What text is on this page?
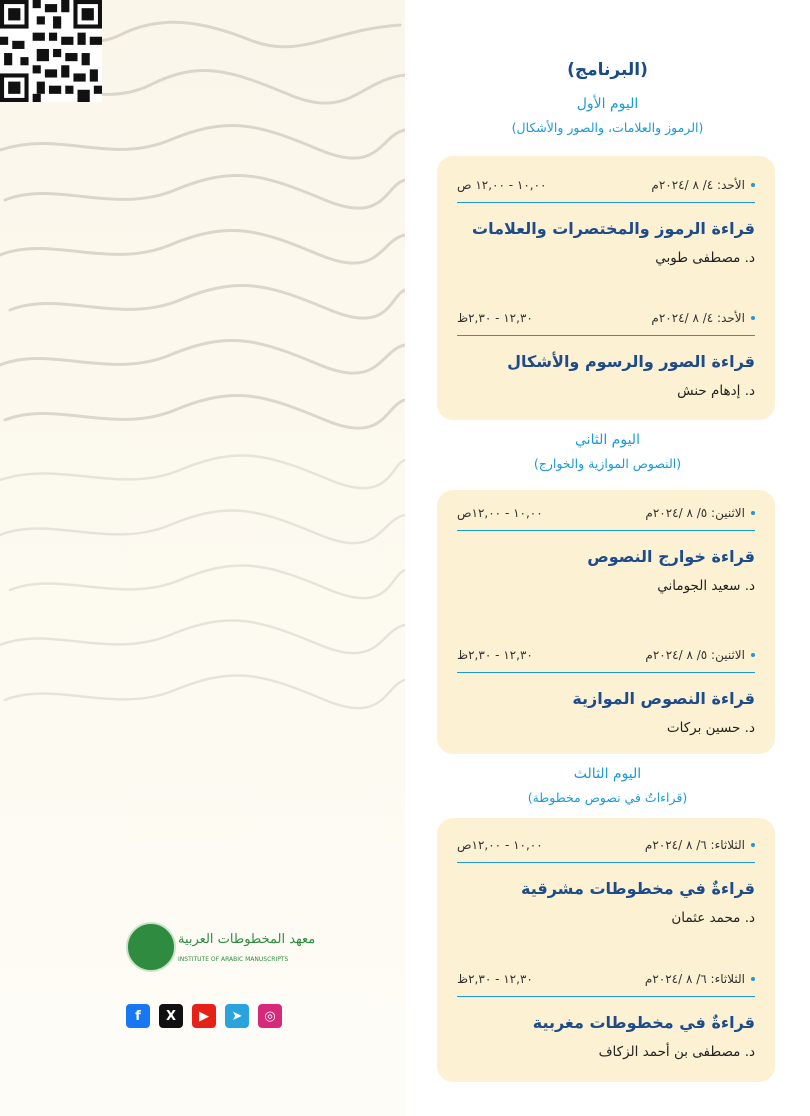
معهد المخطوطات العربية
INSTITUTE OF ARABIC MANUSCRIPTS
f	X	▶	➤	◎
(البرنامج)
اليوم الأول
(الرموز والعلامات، والصور والأشكال)
الأحد: ٤/ ٨ /٢٠٢٤م
١٠,٠٠ - ١٢,٠٠ ص
قراءة الرموز والمختصرات والعلامات
د. مصطفى طوبي
الأحد: ٤/ ٨ /٢٠٢٤م
١٢,٣٠ - ٢,٣٠ظ
قراءة الصور والرسوم والأشكال
د. إدهام حنش
اليوم الثاني
(النصوص الموازية والخوارج)
الاثنين: ٥/ ٨ /٢٠٢٤م
١٠,٠٠ - ١٢,٠٠ص
قراءة خوارج النصوص
د. سعيد الجوماني
الاثنين: ٥/ ٨ /٢٠٢٤م
١٢,٣٠ - ٢,٣٠ظ
قراءة النصوص الموازية
د. حسين بركات
اليوم الثالث
(قراءاتٌ في نصوص مخطوطة)
الثلاثاء: ٦/ ٨ /٢٠٢٤م
١٠,٠٠ - ١٢,٠٠ص
قراءةٌ في مخطوطات مشرقية
د. محمد عثمان
الثلاثاء: ٦/ ٨ /٢٠٢٤م
١٢,٣٠ - ٢,٣٠ظ
قراءةٌ في مخطوطات مغربية
د. مصطفى بن أحمد الزكاف
